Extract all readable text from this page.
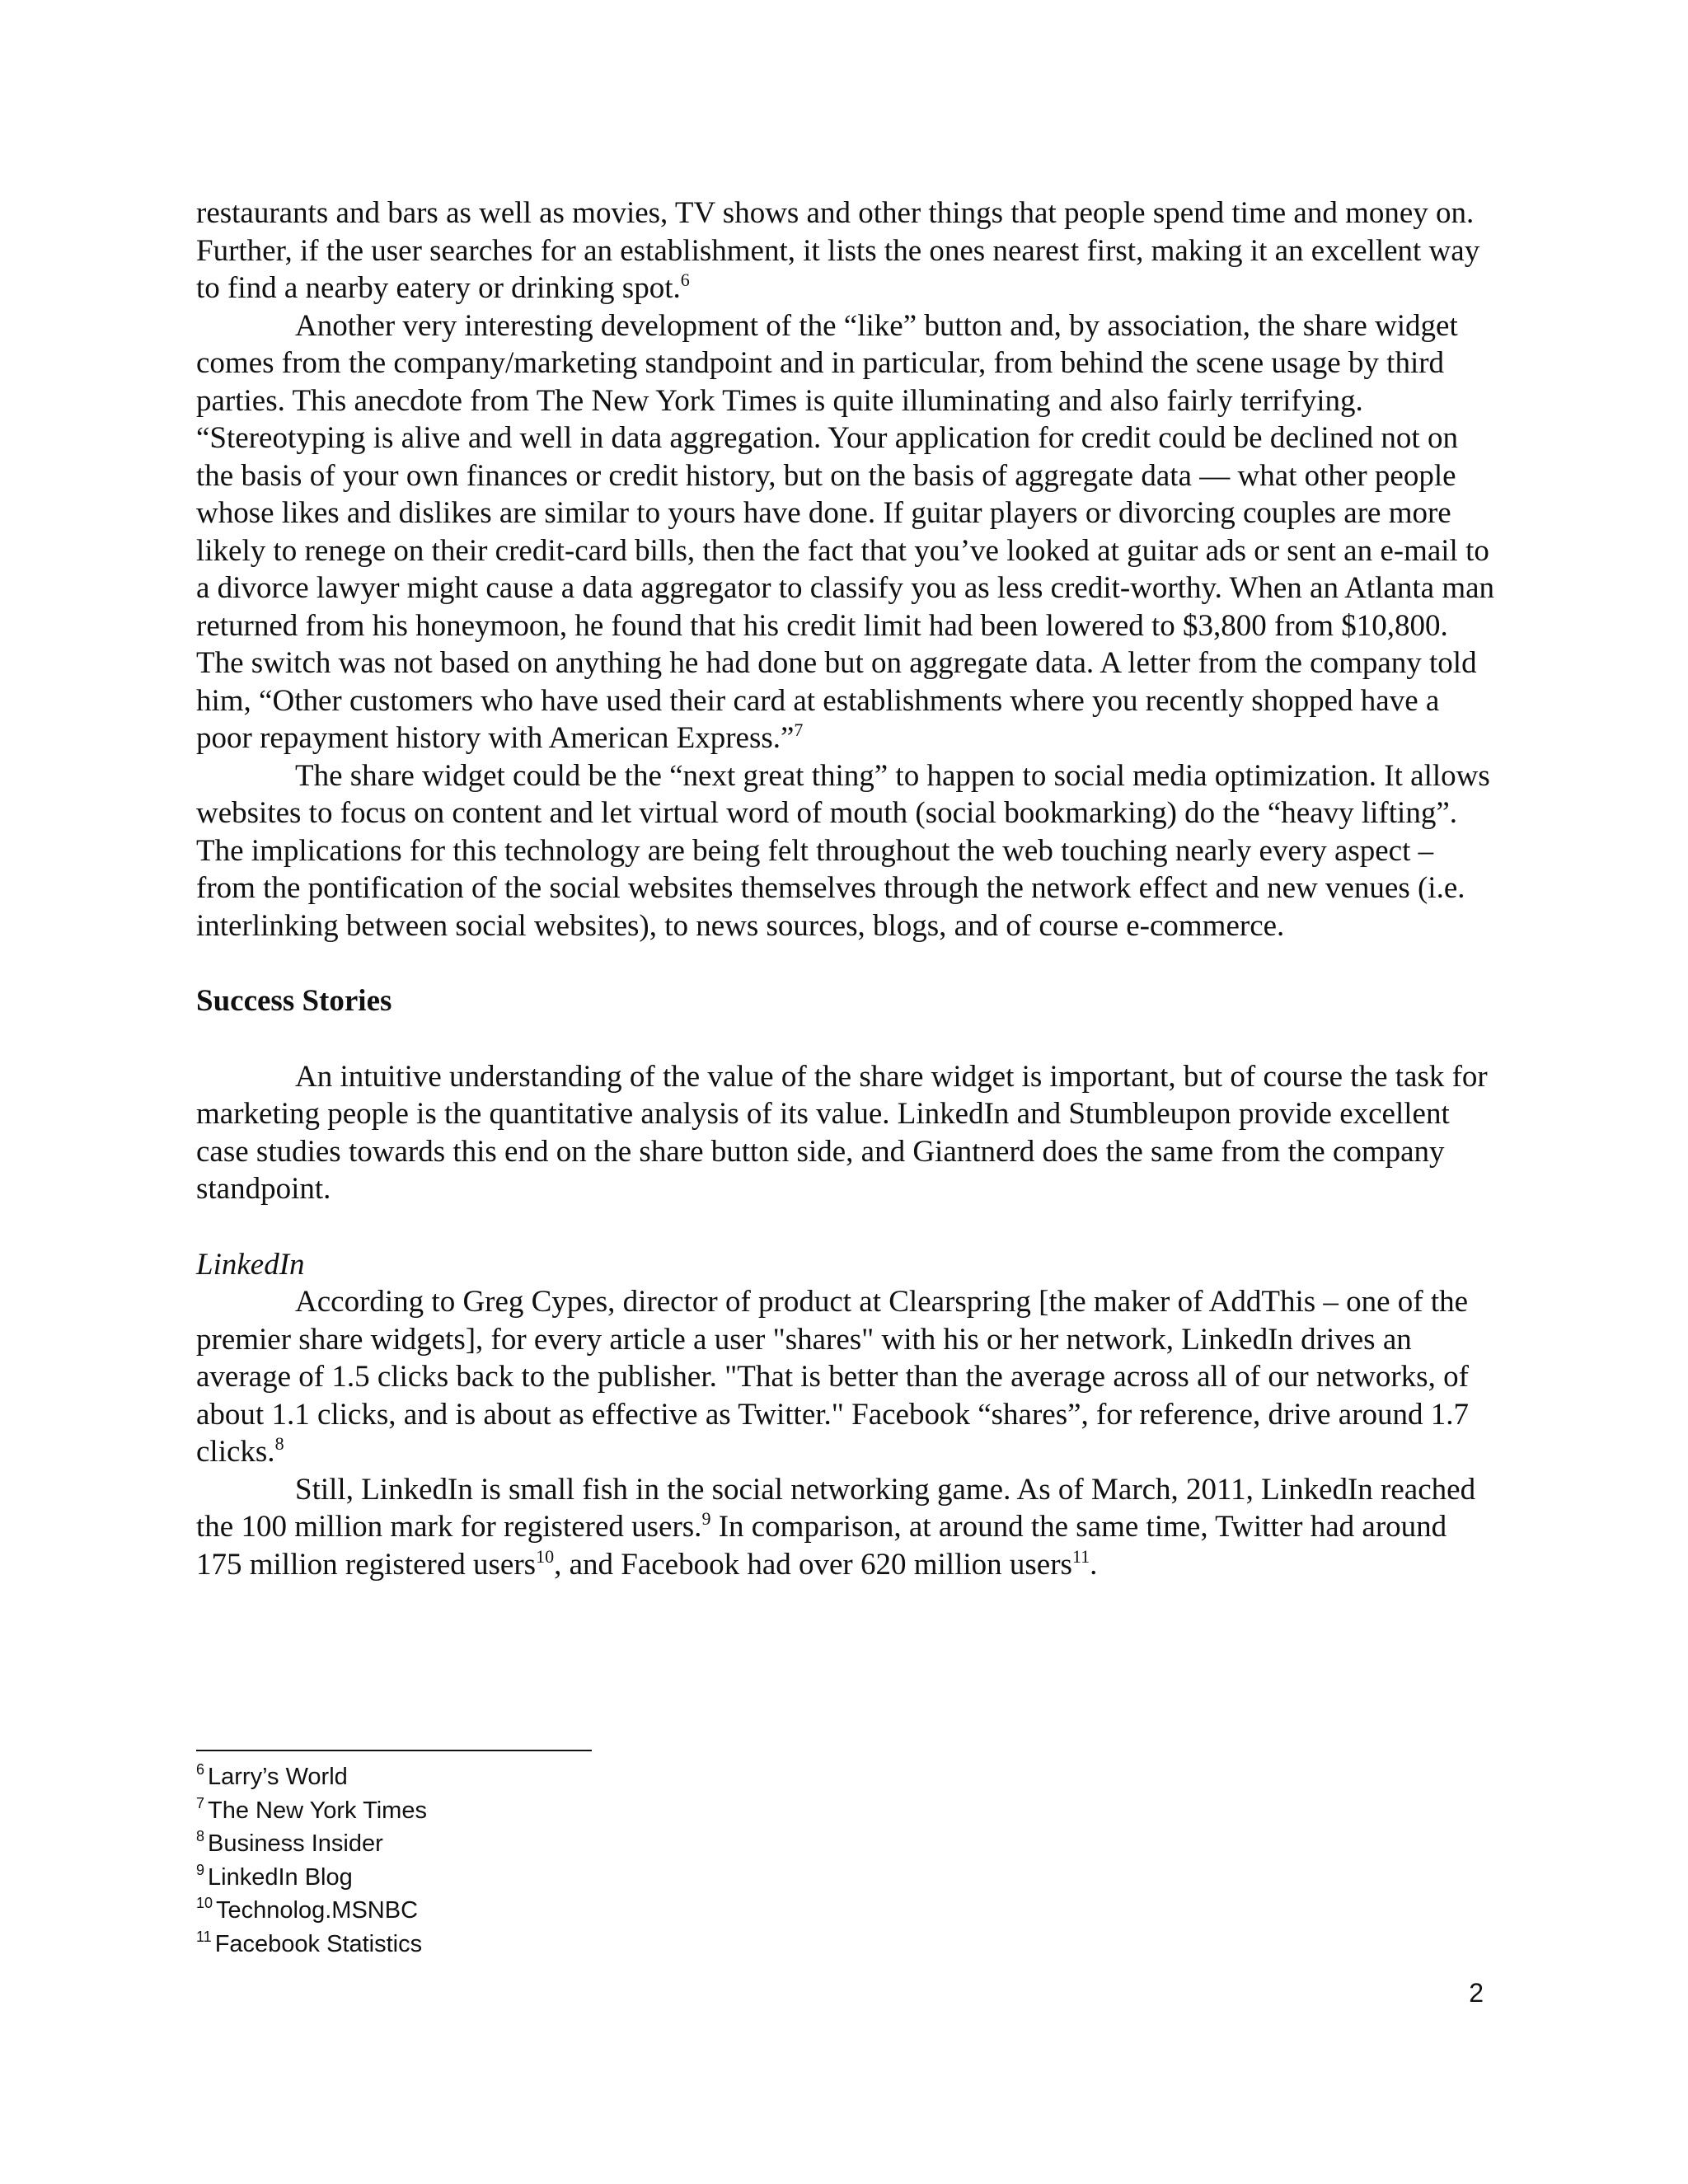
restaurants and bars as well as movies, TV shows and other things that people spend time and money on. Further, if the user searches for an establishment, it lists the ones nearest first, making it an excellent way to find a nearby eatery or drinking spot.$^6$

Another very interesting development of the “like” button and, by association, the share widget comes from the company/marketing standpoint and in particular, from behind the scene usage by third parties. This anecdote from The New York Times is quite illuminating and also fairly terrifying. “Stereotyping is alive and well in data aggregation. Your application for credit could be declined not on the basis of your own finances or credit history, but on the basis of aggregate data — what other people whose likes and dislikes are similar to yours have done. If guitar players or divorcing couples are more likely to renege on their credit-card bills, then the fact that you’ve looked at guitar ads or sent an e-mail to a divorce lawyer might cause a data aggregator to classify you as less credit-worthy. When an Atlanta man returned from his honeymoon, he found that his credit limit had been lowered to $3,800 from $10,800. The switch was not based on anything he had done but on aggregate data. A letter from the company told him, “Other customers who have used their card at establishments where you recently shopped have a poor repayment history with American Express.”$^7$

The share widget could be the “next great thing” to happen to social media optimization. It allows websites to focus on content and let virtual word of mouth (social bookmarking) do the “heavy lifting”. The implications for this technology are being felt throughout the web touching nearly every aspect – from the pontification of the social websites themselves through the network effect and new venues (i.e. interlinking between social websites), to news sources, blogs, and of course e-commerce.

Success Stories

An intuitive understanding of the value of the share widget is important, but of course the task for marketing people is the quantitative analysis of its value. LinkedIn and Stumbleupon provide excellent case studies towards this end on the share button side, and Giantnerd does the same from the company standpoint.

LinkedIn

According to Greg Cypes, director of product at Clearspring [the maker of AddThis – one of the premier share widgets], for every article a user "shares" with his or her network, LinkedIn drives an average of 1.5 clicks back to the publisher. "That is better than the average across all of our networks, of about 1.1 clicks, and is about as effective as Twitter." Facebook “shares”, for reference, drive around 1.7 clicks.$^8$

Still, LinkedIn is small fish in the social networking game. As of March, 2011, LinkedIn reached the 100 million mark for registered users.$^9$ In comparison, at around the same time, Twitter had around 175 million registered users$^{10}$, and Facebook had over 620 million users$^{11}$.

$^6$ Larry’s World

$^7$ The New York Times

$^8$ Business Insider

$^9$ LinkedIn Blog

$^{10}$ Technolog.MSNBC

$^{11}$ Facebook Statistics

2
